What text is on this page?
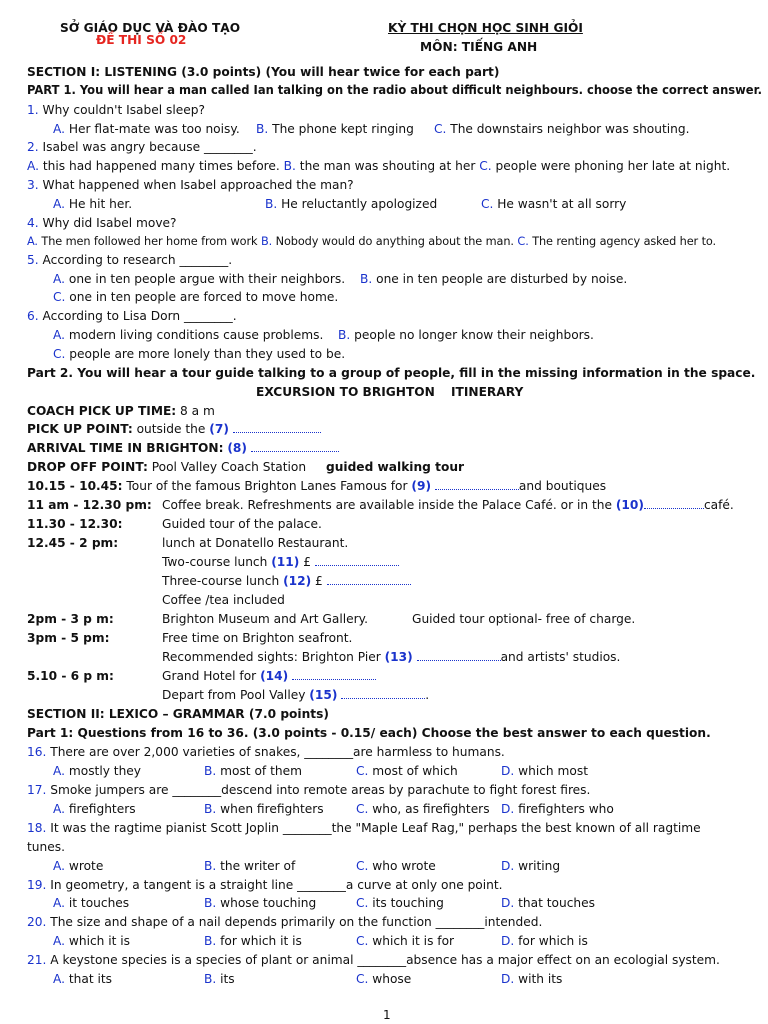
SỞ GIÁO DỤC VÀ ĐÀO TẠO
ĐỀ THI SỐ 02
KỲ THI CHỌN HỌC SINH GIỎI
MÔN: TIẾNG ANH
SECTION I: LISTENING (3.0 points) (You will hear twice for each part)
PART 1. You will hear a man called Ian talking on the radio about difficult neighbours. choose the correct answer.
1. Why couldn't Isabel sleep?
A. Her flat-mate was too noisy. B. The phone kept ringing C. The downstairs neighbor was shouting.
2. Isabel was angry because ________.
A. this had happened many times before. B. the man was shouting at her C. people were phoning her late at night.
3. What happened when Isabel approached the man?
A. He hit her.	B. He reluctantly apologized	C. He wasn't at all sorry
4. Why did Isabel move?
A. The men followed her home from work B. Nobody would do anything about the man. C. The renting agency asked her to.
5. According to research ________.
A. one in ten people argue with their neighbors. B. one in ten people are disturbed by noise.
C. one in ten people are forced to move home.
6. According to Lisa Dorn ________.
A. modern living conditions cause problems. B. people no longer know their neighbors.
C. people are more lonely than they used to be.
Part 2. You will hear a tour guide talking to a group of people, fill in the missing information in the space.
EXCURSION TO BRIGHTON ITINERARY
COACH PICK UP TIME: 8 a m
PICK UP POINT: outside the (7)
ARRIVAL TIME IN BRIGHTON: (8)
DROP OFF POINT: Pool Valley Coach Station guided walking tour
10.15 - 10.45: Tour of the famous Brighton Lanes Famous for (9)	and boutiques
11 am - 12.30 pm: Coffee break. Refreshments are available inside the Palace Café. or in the (10)	café.
11.30 - 12.30:	Guided tour of the palace.
12.45 - 2 pm:	lunch at Donatello Restaurant.
Two-course lunch (11) £
Three-course lunch (12) £
Coffee /tea included
2pm - 3 p m:	Brighton Museum and Art Gallery.	Guided tour optional- free of charge.
3pm - 5 pm:	Free time on Brighton seafront.
Recommended sights: Brighton Pier (13)	and artists' studios.
5.10 - 6 p m:	Grand Hotel for (14)
Depart from Pool Valley (15)	.
SECTION II: LEXICO – GRAMMAR (7.0 points)
Part 1: Questions from 16 to 36. (3.0 points - 0.15/ each) Choose the best answer to each question.
16. There are over 2,000 varieties of snakes, ________are harmless to humans.
A. mostly they	B. most of them	C. most of which	D. which most
17. Smoke jumpers are ________descend into remote areas by parachute to fight forest fires.
A. firefighters	B. when firefighters	C. who, as firefighters D. firefighters who
18. It was the ragtime pianist Scott Joplin ________the "Maple Leaf Rag," perhaps the best known of all ragtime
tunes.
A. wrote	B. the writer of	C. who wrote	D. writing
19. In geometry, a tangent is a straight line ________a curve at only one point.
A. it touches	B. whose touching	C. its touching	D. that touches
20. The size and shape of a nail depends primarily on the function ________intended.
A. which it is	B. for which it is	C. which it is for	D. for which is
21. A keystone species is a species of plant or animal ________absence has a major effect on an ecologial system.
A. that its	B. its	C. whose	D. with its
1
